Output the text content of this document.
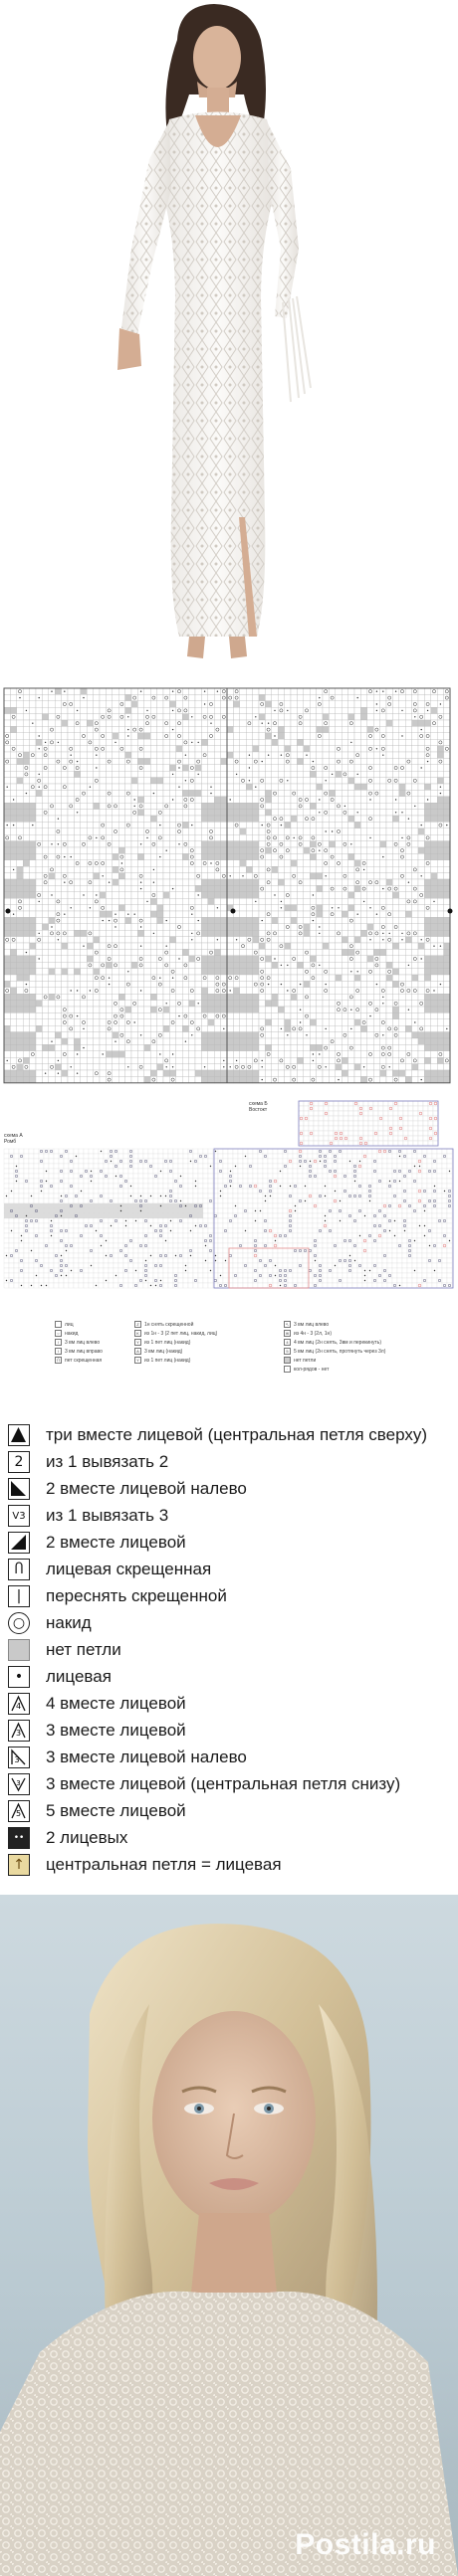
схема Б
Востокт
схема А
Ромб
лиц
○ накид
/ 3 вм лиц влево
\ 3 вм лиц вправо
Ⴖ пет скрещенная
Z 1н снять скрещенной
K из 1н - 3 (2 пет лиц, накид, лиц)
Y из 1 пет лиц (накид)
A 3 вм лиц (накид)
Y из 1 пет лиц (накид)
↖ 3 вм лиц влево
Ж из 4н - 3 (2л, 1н)
4 4 вм лиц (2н снять, 3вм и перекинуть)
5 5 вм лиц (2н снять, протянуть через 3л)
нет петли
· кол-рядов - нет
три вместе лицевой (центральная петля сверху)
2	из 1 вывязать 2
2 вместе лицевой налево
V3 из 1 вывязать 3
2 вместе лицевой
Ⴖ	лицевая скрещенная
|	переснять скрещенной
○ накид
нет петли
•	лицевая
4 4 вместе лицевой
3 3 вместе лицевой
3 3 вместе лицевой налево
3 3 вместе лицевой (центральная петля снизу)
5 5 вместе лицевой
••	2 лицевых
↑	центральная петля = лицевая
Postila.ru
